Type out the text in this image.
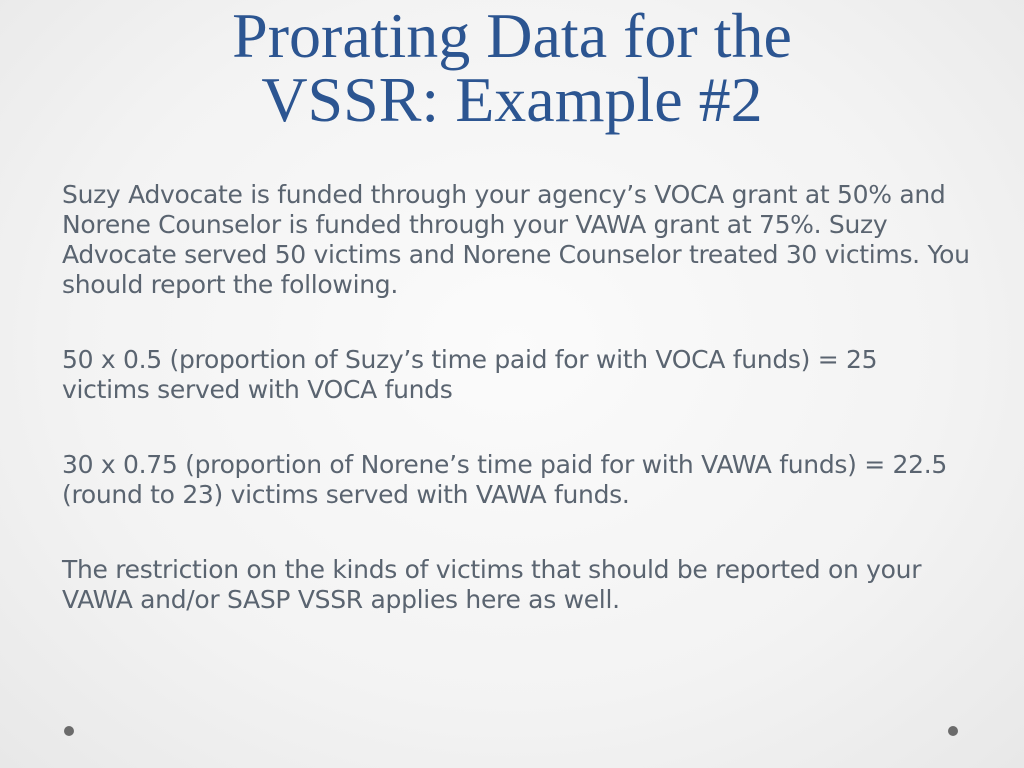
Prorating Data for the
VSSR: Example #2

Suzy Advocate is funded through your agency’s VOCA grant at 50% and Norene Counselor is funded through your VAWA grant at 75%. Suzy Advocate served 50 victims and Norene Counselor treated 30 victims. You should report the following.

50 x 0.5 (proportion of Suzy’s time paid for with VOCA funds) = 25 victims served with VOCA funds

30 x 0.75 (proportion of Norene’s time paid for with VAWA funds) = 22.5 (round to 23) victims served with VAWA funds.

The restriction on the kinds of victims that should be reported on your VAWA and/or SASP VSSR applies here as well.
